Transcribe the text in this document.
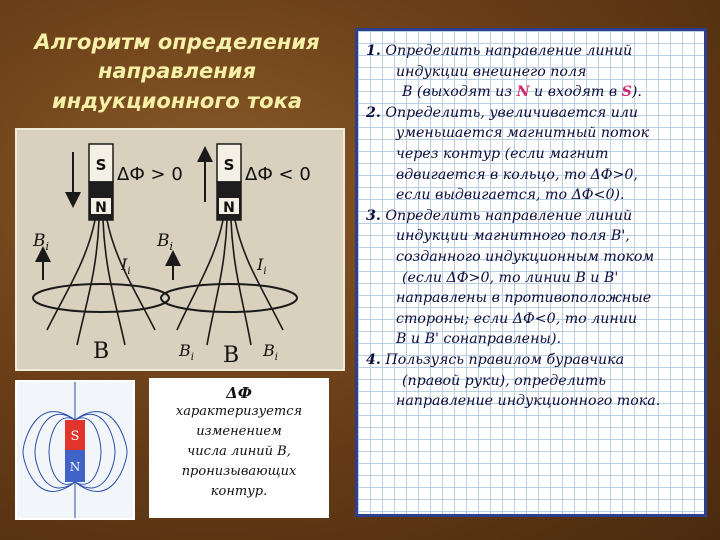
Алгоритм определения
направления
индукционного тока
S
N
ΔФ > 0
$B_i$
$I_i$
B
S
N
ΔФ < 0
$B_i$
$I_i$
$B_i$ B $B_i$
S
N
ΔФ
характеризуется
изменением
числа линий В,
пронизывающих
контур.
1. Определить направление линий
индукции внешнего поля
В (выходят из N и входят в S).
2. Определить, увеличивается или
уменьшается магнитный поток
через контур (если магнит
вдвигается в кольцо, то ΔФ>0,
если выдвигается, то ΔФ<0).
3. Определить направление линий
индукции магнитного поля В',
созданного индукционным током
(если ΔФ>0, то линии В и В'
направлены в противоположные
стороны; если ΔФ<0, то линии
В и В' сонаправлены).
4. Пользуясь правилом буравчика
(правой руки), определить
направление индукционного тока.
